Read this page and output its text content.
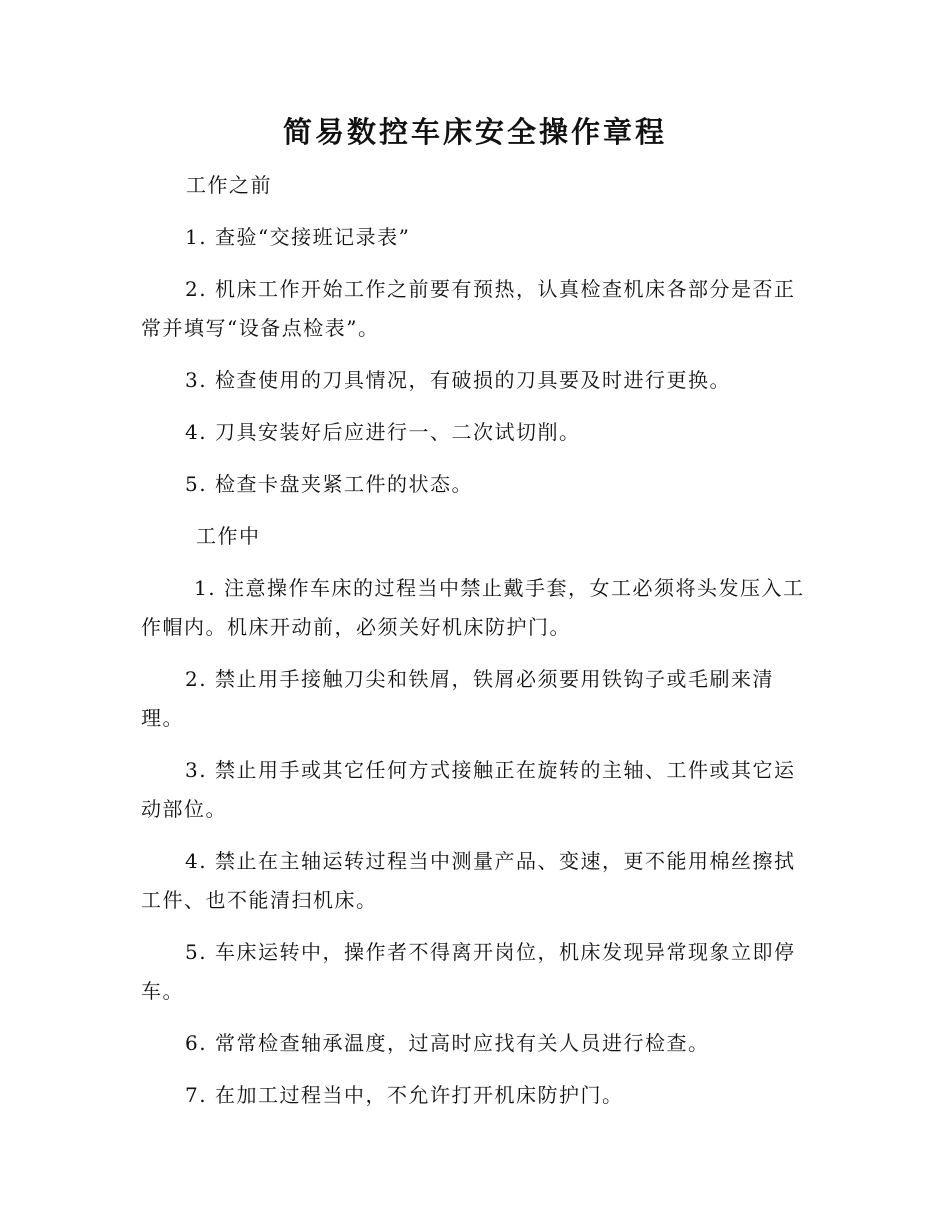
简易数控车床安全操作章程

工作之前

1. 查验“交接班记录表”

2. 机床工作开始工作之前要有预热，认真检查机床各部分是否正常并填写“设备点检表”。

3. 检查使用的刀具情况，有破损的刀具要及时进行更换。

4. 刀具安装好后应进行一、二次试切削。

5. 检查卡盘夹紧工件的状态。

工作中

1. 注意操作车床的过程当中禁止戴手套，女工必须将头发压入工作帽内。机床开动前，必须关好机床防护门。

2. 禁止用手接触刀尖和铁屑，铁屑必须要用铁钩子或毛刷来清理。

3. 禁止用手或其它任何方式接触正在旋转的主轴、工件或其它运动部位。

4. 禁止在主轴运转过程当中测量产品、变速，更不能用棉丝擦拭工件、也不能清扫机床。

5. 车床运转中，操作者不得离开岗位，机床发现异常现象立即停车。

6. 常常检查轴承温度，过高时应找有关人员进行检查。

7. 在加工过程当中，不允许打开机床防护门。
